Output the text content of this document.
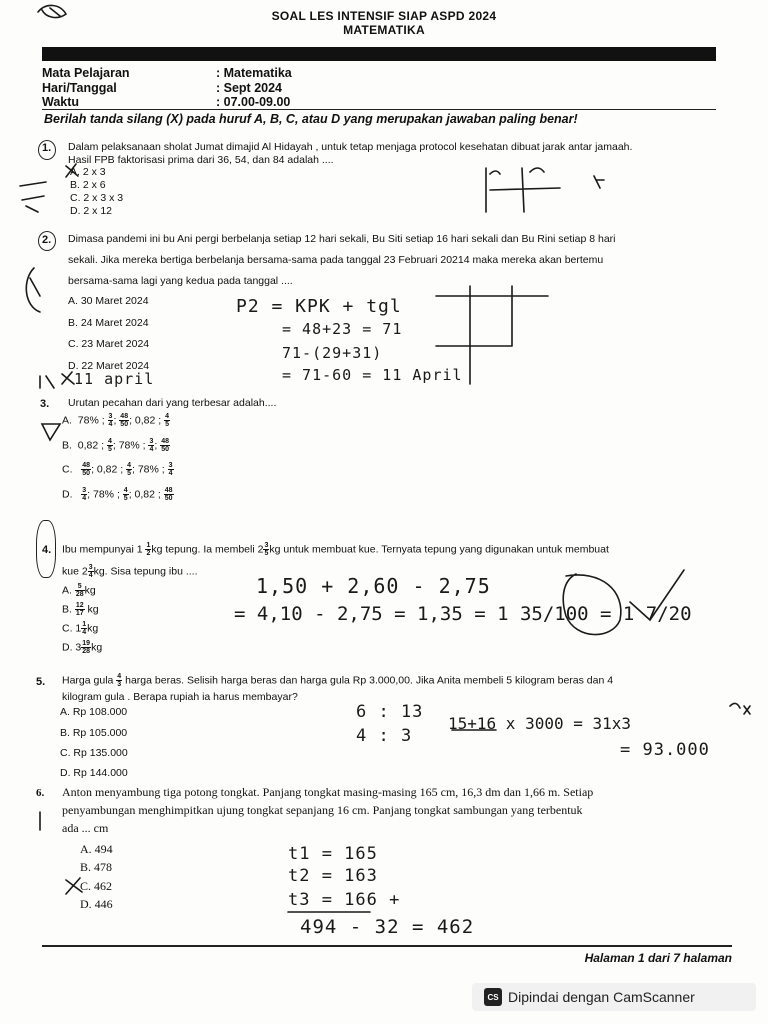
SOAL LES INTENSIF SIAP ASPD 2024
MATEMATIKA
Mata Pelajaran	: Matematika
Hari/Tanggal	: Sept 2024
Waktu	: 07.00-09.00
Berilah tanda silang (X) pada huruf A, B, C, atau D yang merupakan jawaban paling benar!
1. Dalam pelaksanaan sholat Jumat dimajid Al Hidayah , untuk tetap menjaga protocol kesehatan dibuat jarak antar jamaah.
Hasil FPB faktorisasi prima dari 36, 54, dan 84 adalah ....
A. 2 x 3
B. 2 x 6
C. 2 x 3 x 3
D. 2 x 12
2. Dimasa pandemi ini bu Ani pergi berbelanja setiap 12 hari sekali, Bu Siti setiap 16 hari sekali dan Bu Rini setiap 8 hari
sekali. Jika mereka bertiga berbelanja bersama-sama pada tanggal 23 Februari 20214 maka mereka akan bertemu
bersama-sama lagi yang kedua pada tanggal ....
A. 30 Maret 2024
B. 24 Maret 2024
C. 23 Maret 2024
D. 22 Maret 2024
3. Urutan pecahan dari yang terbesar adalah....
A. 78% ; $\frac{3}{4}$ ; $\frac{48}{50}$ ; 0,82 ; $\frac{4}{5}$
B. 0,82 ; $\frac{4}{5}$ ; 78% ; $\frac{3}{4}$ ; $\frac{48}{50}$
C. $\frac{48}{50}$ ; 0,82 ; $\frac{4}{5}$ ; 78% ; $\frac{3}{4}$
D. $\frac{3}{4}$ ; 78% ; $\frac{4}{5}$ ; 0,82 ; $\frac{48}{50}$
4. Ibu mempunyai $1 \frac{1}{2}$ kg tepung. Ia membeli $2 \frac{3}{5}$ kg untuk membuat kue. Ternyata tepung yang digunakan untuk membuat
kue $2 \frac{3}{4}$ kg. Sisa tepung ibu ....
A. $\frac{5}{28}$ kg
B. $\frac{12}{17}$ kg
C. $1 \frac{1}{4}$ kg
D. $3 \frac{19}{28}$ kg
5. Harga gula $\frac{4}{3}$ harga beras. Selisih harga beras dan harga gula Rp 3.000,00. Jika Anita membeli 5 kilogram beras dan 4
kilogram gula . Berapa rupiah ia harus membayar?
A. Rp 108.000
B. Rp 105.000
C. Rp 135.000
D. Rp 144.000
6. Anton menyambung tiga potong tongkat. Panjang tongkat masing-masing 165 cm, 16,3 dm dan 1,66 m. Setiap
penyambungan menghimpitkan ujung tongkat sepanjang 16 cm. Panjang tongkat sambungan yang terbentuk
ada ... cm
A. 494
B. 478
C. 462
D. 446
P2 = KPK + tgl
= 48+23 = 71
71-(29+31)
= 71-60 = 11 April
11 april
1,50 + 2,60 - 2,75
= 4,10 - 2,75 = 1,35 = 1 35/100 = 1 7/20
6 : 13
4 : 3
15+16 x 3000 = 31x3
= 93.000
t1 = 165
t2 = 163
t3 = 166 +
494 - 32 = 462
Halaman 1 dari 7 halaman
CS Dipindai dengan CamScanner
